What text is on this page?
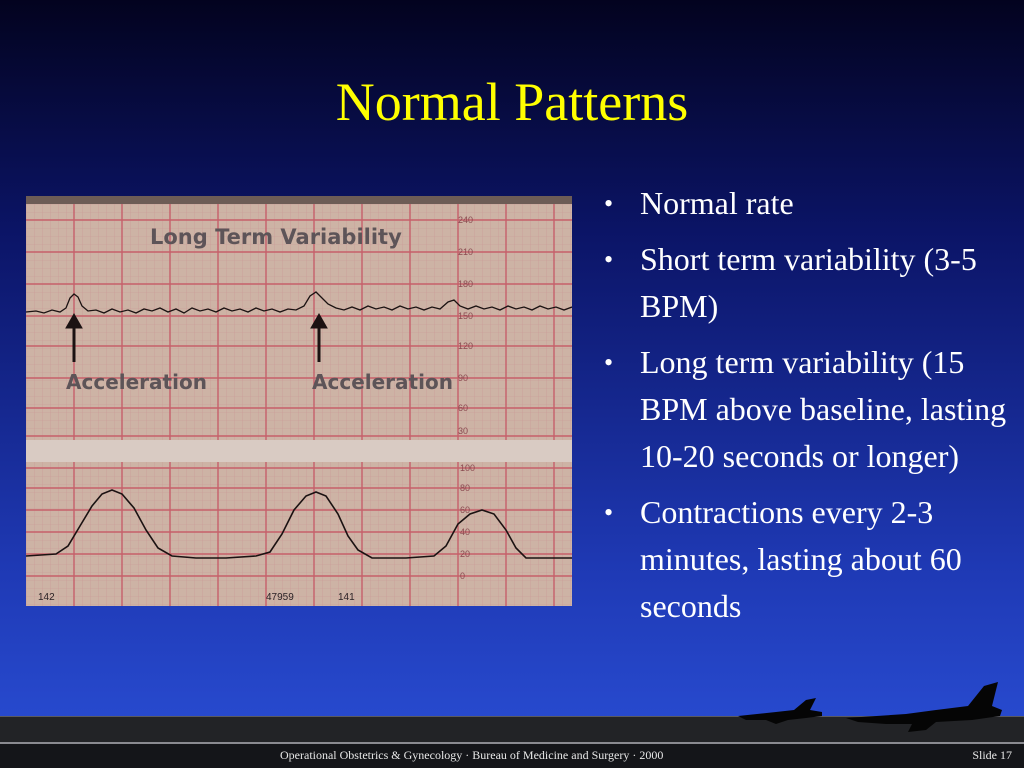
Normal Patterns
240
210
180
150
120
90
60
30
100
80
60
40
20
0
Long Term Variability
Acceleration	Acceleration
142	47959	141
• Normal rate
• Short term variability (3-5 BPM)
• Long term variability (15 BPM above baseline, lasting 10-20 seconds or longer)
• Contractions every 2-3 minutes, lasting about 60 seconds
Operational Obstetrics & Gynecology · Bureau of Medicine and Surgery · 2000	Slide 17
